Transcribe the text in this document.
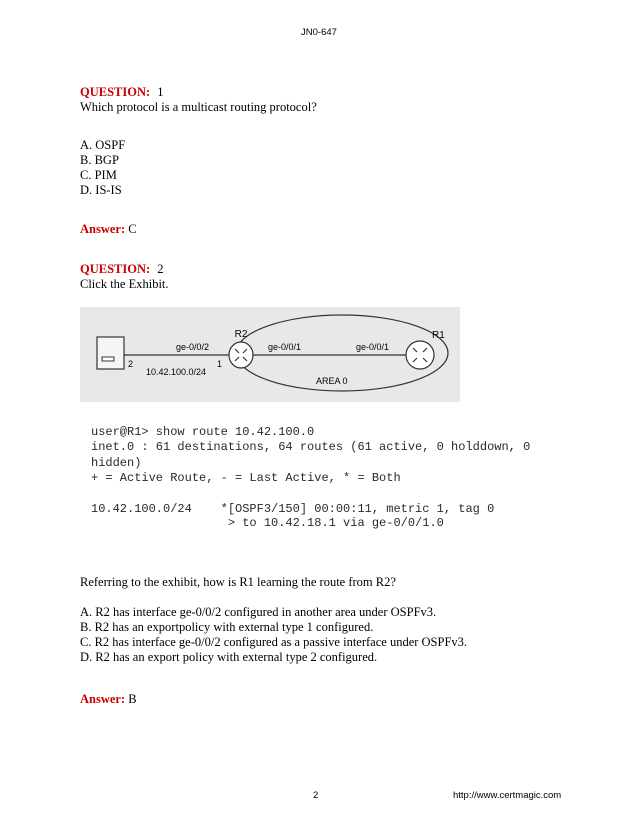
JN0-647
QUESTION: 1
Which protocol is a multicast routing protocol?
A. OSPF
B. BGP
C. PIM
D. IS-IS
Answer: C
QUESTION: 2
Click the Exhibit.
R2	R1
ge-0/0/2	ge-0/0/1	ge-0/0/1
2	1
10.42.100.0/24
AREA 0
user@R1> show route 10.42.100.0
inet.0 : 61 destinations, 64 routes (61 active, 0 holddown, 0
hidden)
+ = Active Route, - = Last Active, * = Both
10.42.100.0/24    *[OSPF3/150] 00:00:11, metric 1, tag 0
> to 10.42.18.1 via ge-0/0/1.0
Referring to the exhibit, how is R1 learning the route from R2?
A. R2 has interface ge-0/0/2 configured in another area under OSPFv3.
B. R2 has an exportpolicy with external type 1 configured.
C. R2 has interface ge-0/0/2 configured as a passive interface under OSPFv3.
D. R2 has an export policy with external type 2 configured.
Answer: B
2	http://www.certmagic.com
